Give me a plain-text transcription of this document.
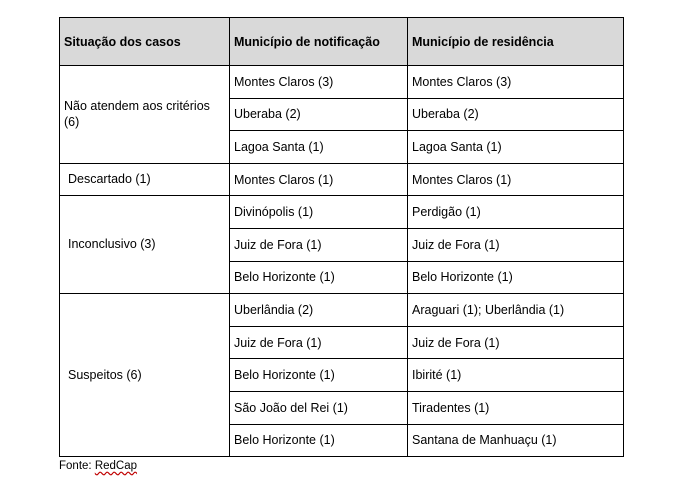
Situação dos casos	Município de notificação	Município de residência
Não atendem aos critérios (6)	Montes Claros (3)	Montes Claros (3)
	Uberaba (2)	Uberaba (2)
	Lagoa Santa (1)	Lagoa Santa (1)
Descartado (1)	Montes Claros (1)	Montes Claros (1)
Inconclusivo (3)	Divinópolis (1)	Perdigão (1)
	Juiz de Fora (1)	Juiz de Fora (1)
	Belo Horizonte (1)	Belo Horizonte (1)
Suspeitos (6)	Uberlândia (2)	Araguari (1); Uberlândia (1)
	Juiz de Fora (1)	Juiz de Fora (1)
	Belo Horizonte (1)	Ibirité (1)
	São João del Rei (1)	Tiradentes (1)
	Belo Horizonte (1)	Santana de Manhuaçu (1)
Fonte: RedCap
